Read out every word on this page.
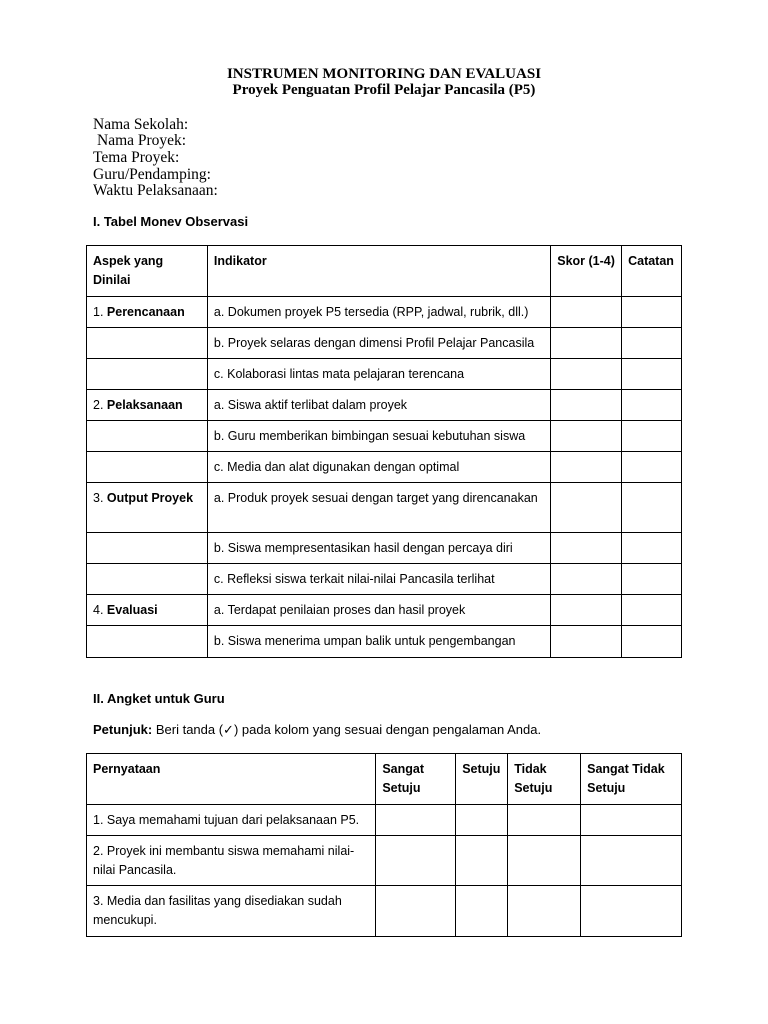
INSTRUMEN MONITORING DAN EVALUASI
Proyek Penguatan Profil Pelajar Pancasila (P5)
Nama Sekolah:
Nama Proyek:
Tema Proyek:
Guru/Pendamping:
Waktu Pelaksanaan:
I. Tabel Monev Observasi
Aspek yang Dinilai	Indikator	Skor (1-4)	Catatan
1. Perencanaan	a. Dokumen proyek P5 tersedia (RPP, jadwal, rubrik, dll.)		
	b. Proyek selaras dengan dimensi Profil Pelajar Pancasila		
	c. Kolaborasi lintas mata pelajaran terencana		
2. Pelaksanaan	a. Siswa aktif terlibat dalam proyek		
	b. Guru memberikan bimbingan sesuai kebutuhan siswa		
	c. Media dan alat digunakan dengan optimal		
3. Output Proyek	a. Produk proyek sesuai dengan target yang direncanakan		
	b. Siswa mempresentasikan hasil dengan percaya diri		
	c. Refleksi siswa terkait nilai-nilai Pancasila terlihat		
4. Evaluasi	a. Terdapat penilaian proses dan hasil proyek		
	b. Siswa menerima umpan balik untuk pengembangan		
II. Angket untuk Guru
Petunjuk: Beri tanda (✓) pada kolom yang sesuai dengan pengalaman Anda.
Pernyataan	Sangat Setuju	Setuju	Tidak Setuju	Sangat Tidak Setuju
1. Saya memahami tujuan dari pelaksanaan P5.				
2. Proyek ini membantu siswa memahami nilai-nilai Pancasila.				
3. Media dan fasilitas yang disediakan sudah mencukupi.				
